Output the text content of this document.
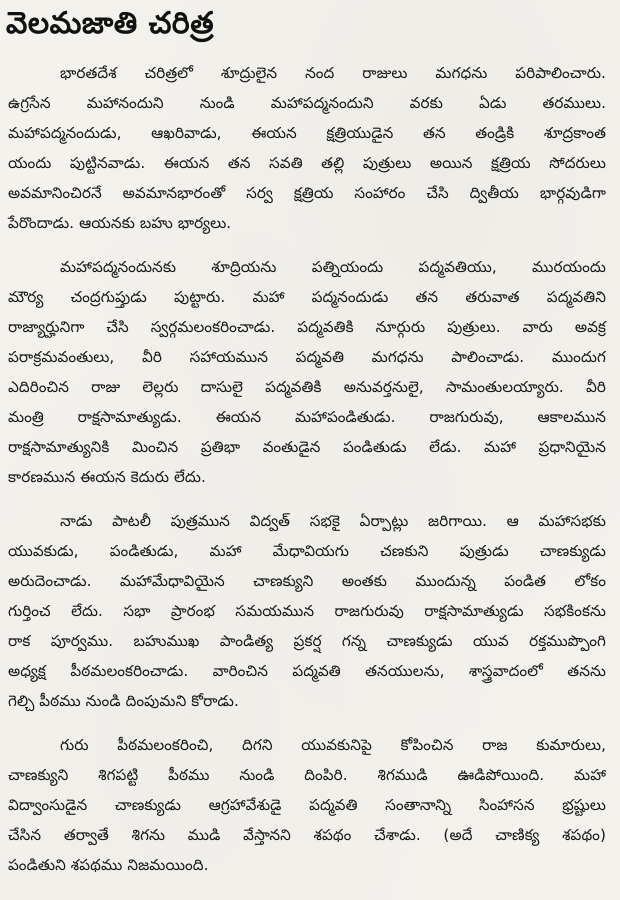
వెలమజాతి చరిత్ర
భారతదేశ చరిత్రలో శూద్రులైన నంద రాజులు మగధను పరిపాలించారు.
ఉగ్రసేన మహానందుని నుండి మహాపద్మనందుని వరకు ఏడు తరములు.
మహాపద్మనందుడు, ఆఖరివాడు, ఈయన క్షత్రియుడైన తన తండ్రికి శూద్రకాంత
యందు పుట్టినవాడు. ఈయన తన సవతి తల్లి పుత్రులు అయిన క్షత్రియ సోదరులు
అవమానించిరనే అవమానభారంతో సర్వ క్షత్రియ సంహారం చేసి ద్వితీయ భార్గవుడిగా
పేరొందాడు. ఆయనకు బహు భార్యలు.
మహాపద్మనందునకు శూద్రియను పత్నియందు పద్మవతియు, మురయందు
మౌర్య చంద్రగుప్తుడు పుట్టారు. మహా పద్మనందుడు తన తరువాత పద్మవతిని
రాజ్యార్హునిగా చేసి స్వర్గమలంకరించాడు. పద్మవతికి నూర్గురు పుత్రులు. వారు అవక్ర
పరాక్రమవంతులు, వీరి సహాయమున పద్మవతి మగధను పాలించాడు. ముందుగ
ఎదిరించిన రాజు లెల్లరు దాసులై పద్మవతికి అనువర్తనులై, సామంతులయ్యారు. వీరి
మంత్రి రాక్షసామాత్యుడు. ఈయన మహాపండితుడు. రాజగురువు, ఆకాలమున
రాక్షసామాత్యునికి మించిన ప్రతిభా వంతుడైన పండితుడు లేడు. మహా ప్రధానియైన
కారణమున ఈయన కెదురు లేదు.
నాడు పాటలీ పుత్రమున విద్వత్ సభకై ఏర్పాట్లు జరిగాయి. ఆ మహాసభకు
యువకుడు, పండితుడు, మహా మేధావియగు చణకుని పుత్రుడు చాణక్యుడు
అరుదెంచాడు. మహామేధావియైన చాణక్యుని అంతకు ముందున్న పండిత లోకం
గుర్తించ లేదు. సభా ప్రారంభ సమయమున రాజగురువు రాక్షసామాత్యుడు సభకింకను
రాక పూర్వము. బహుముఖ పాండిత్య ప్రకర్ష గన్న చాణక్యుడు యువ రక్తముప్పొంగి
అధ్యక్ష పీఠమలంకరించాడు. వారించిన పద్మవతి తనయులను, శాస్త్రవాదంలో తనను
గెల్చి పీఠము నుండి దింపుమని కోరాడు.
గురు పీఠమలంకరించి, దిగని యువకునిపై కోపించిన రాజ కుమారులు,
చాణక్యుని శిగపట్టి పీఠము నుండి దింపిరి. శిగముడి ఊడిపోయింది. మహా
విద్వాంసుడైన చాణక్యుడు ఆగ్రహావేశుడై పద్మవతి సంతానాన్ని సింహాసన భ్రష్టులు
చేసిన తర్వాతే శిగను ముడి వేస్తానని శపథం చేశాడు. (అదే చాణిక్య శపథం)
పండితుని శపథము నిజమయింది.
